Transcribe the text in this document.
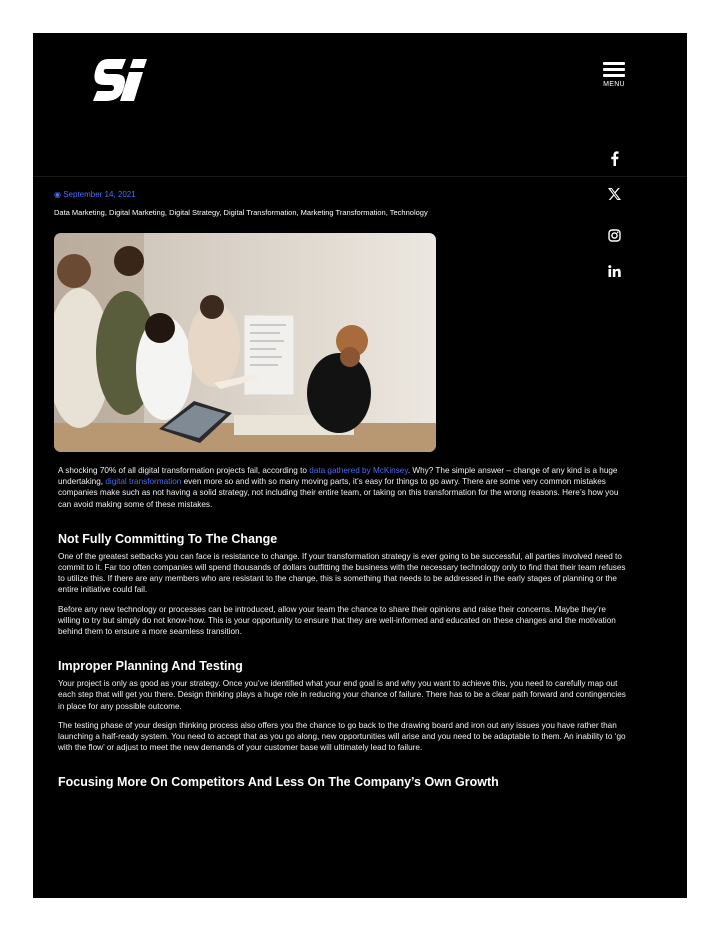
MENU
◉ September 14, 2021
Data Marketing, Digital Marketing, Digital Strategy, Digital Transformation, Marketing Transformation, Technology

A shocking 70% of all digital transformation projects fail, according to data gathered by McKinsey. Why? The simple answer – change of any kind is a huge undertaking, digital transformation even more so and with so many moving parts, it’s easy for things to go awry. There are some very common mistakes companies make such as not having a solid strategy, not including their entire team, or taking on this transformation for the wrong reasons. Here’s how you can avoid making some of these mistakes.

Not Fully Committing To The Change

One of the greatest setbacks you can face is resistance to change. If your transformation strategy is ever going to be successful, all parties involved need to commit to it. Far too often companies will spend thousands of dollars outfitting the business with the necessary technology only to find that their team refuses to utilize this. If there are any members who are resistant to the change, this is something that needs to be addressed in the early stages of planning or the entire initiative could fail.

Before any new technology or processes can be introduced, allow your team the chance to share their opinions and raise their concerns. Maybe they’re willing to try but simply do not know-how. This is your opportunity to ensure that they are well-informed and educated on these changes and the motivation behind them to ensure a more seamless transition.

Improper Planning And Testing

Your project is only as good as your strategy. Once you’ve identified what your end goal is and why you want to achieve this, you need to carefully map out each step that will get you there. Design thinking plays a huge role in reducing your chance of failure. There has to be a clear path forward and contingencies in place for any possible outcome.

The testing phase of your design thinking process also offers you the chance to go back to the drawing board and iron out any issues you have rather than launching a half-ready system. You need to accept that as you go along, new opportunities will arise and you need to be adaptable to them. An inability to ‘go with the flow’ or adjust to meet the new demands of your customer base will ultimately lead to failure.

Focusing More On Competitors And Less On The Company’s Own Growth
